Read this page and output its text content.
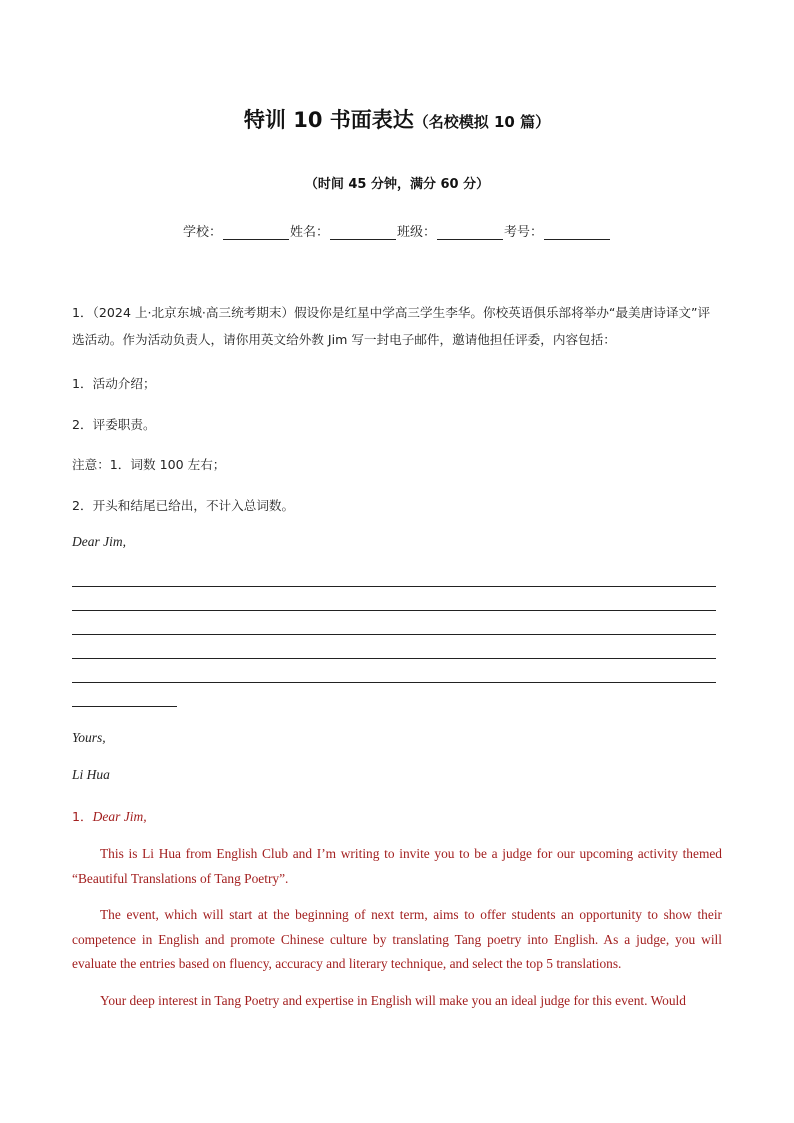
特训 10 书面表达（名校模拟 10 篇）
（时间 45 分钟，满分 60 分）
学校：	姓名：	班级：	考号：
1．（2024 上·北京东城·高三统考期末）假设你是红星中学高三学生李华。你校英语俱乐部将举办“最美唐诗译文”评选活动。作为活动负责人，请你用英文给外教 Jim 写一封电子邮件，邀请他担任评委，内容包括：
1．活动介绍；
2．评委职责。
注意：1．词数 100 左右；
2．开头和结尾已给出，不计入总词数。
Dear Jim,
Yours,
Li Hua
1．Dear Jim,
This is Li Hua from English Club and I’m writing to invite you to be a judge for our upcoming activity themed “Beautiful Translations of Tang Poetry”.
The event, which will start at the beginning of next term, aims to offer students an opportunity to show their competence in English and promote Chinese culture by translating Tang poetry into English. As a judge, you will evaluate the entries based on fluency, accuracy and literary technique, and select the top 5 translations.
Your deep interest in Tang Poetry and expertise in English will make you an ideal judge for this event. Would
